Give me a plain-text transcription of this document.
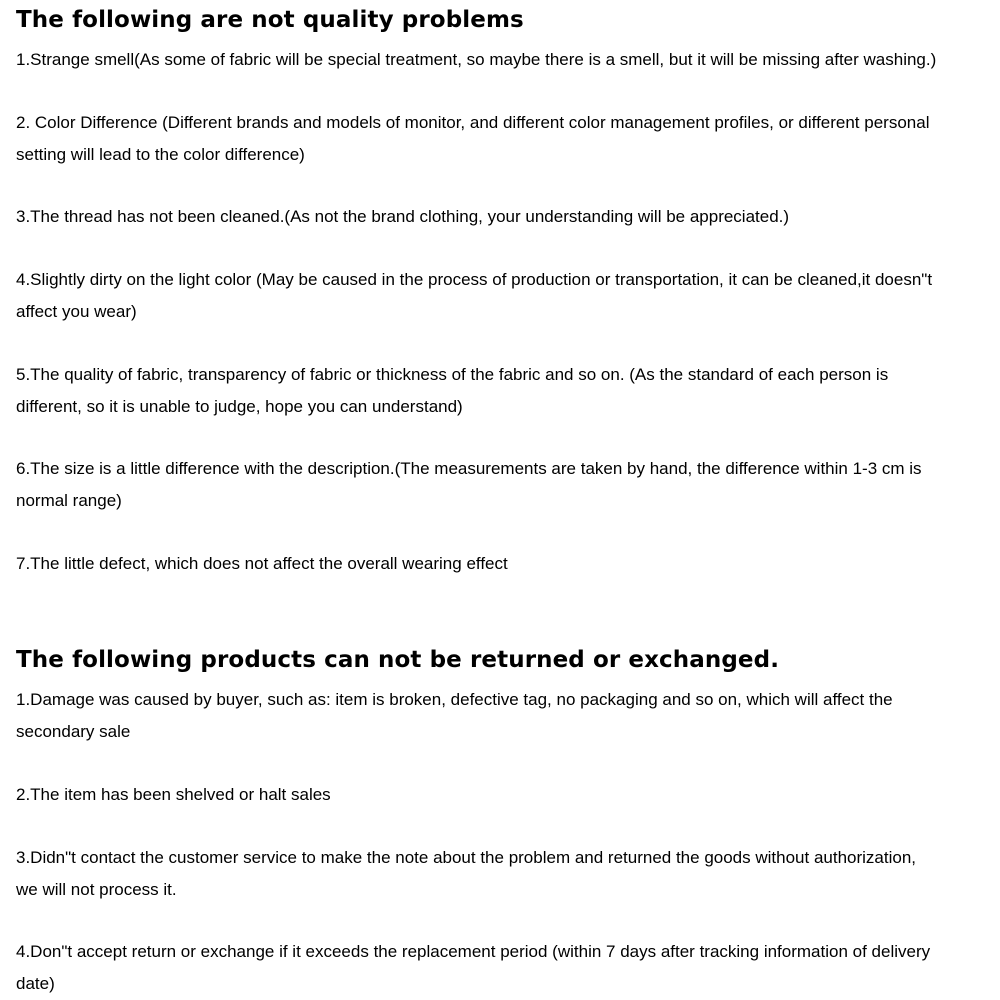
The following are not quality problems

1.Strange smell(As some of fabric will be special treatment, so maybe there is a smell, but it will be missing after washing.)

2. Color Difference (Different brands and models of monitor, and different color management profiles, or different personal
setting will lead to the color difference)

3.The thread has not been cleaned.(As not the brand clothing, your understanding will be appreciated.)

4.Slightly dirty on the light color (May be caused in the process of production or transportation, it can be cleaned,it doesn"t
affect you wear)

5.The quality of fabric, transparency of fabric or thickness of the fabric and so on. (As the standard of each person is
different, so it is unable to judge, hope you can understand)

6.The size is a little difference with the description.(The measurements are taken by hand, the difference within 1-3 cm is
normal range)

7.The little defect, which does not affect the overall wearing effect

The following products can not be returned or exchanged.

1.Damage was caused by buyer, such as: item is broken, defective tag, no packaging and so on, which will affect the
secondary sale

2.The item has been shelved or halt sales

3.Didn"t contact the customer service to make the note about the problem and returned the goods without authorization,
we will not process it.

4.Don"t accept return or exchange if it exceeds the replacement period (within 7 days after tracking information of delivery
date)
